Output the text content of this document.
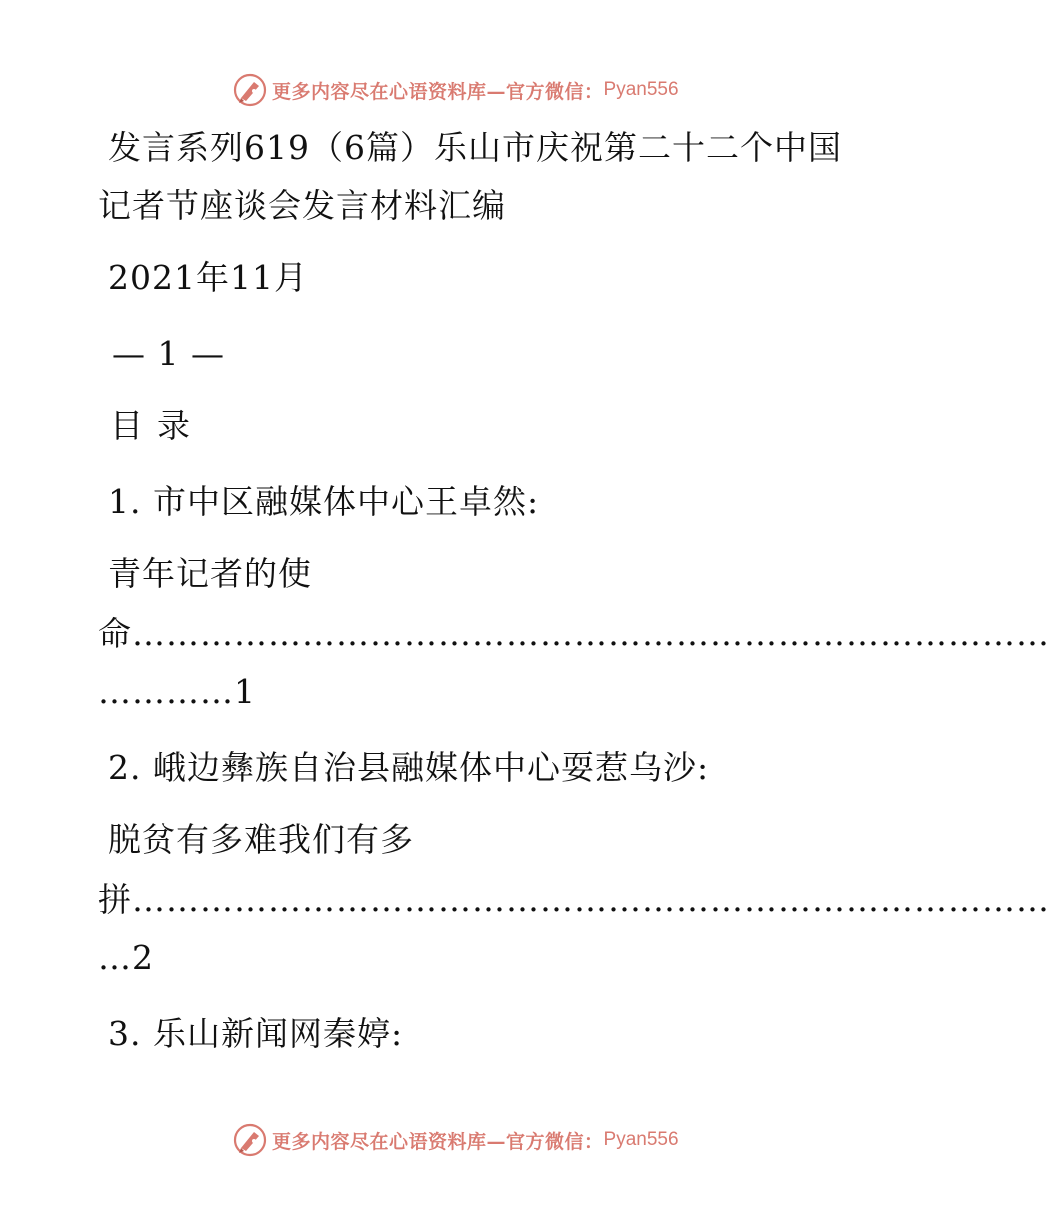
更多内容尽在心语资料库—官方微信： Pyan556
发言系列619（6篇）乐山市庆祝第二十二个中国
记者节座谈会发言材料汇编
2021年11月
— 1 —
目录
1. 市中区融媒体中心王卓然:
青年记者的使
命………………………………………………………………………
…………1
2. 峨边彝族自治县融媒体中心耍惹乌沙:
脱贫有多难我们有多
拼………………………………………………………………………
…2
3. 乐山新闻网秦婷:
更多内容尽在心语资料库—官方微信： Pyan556
